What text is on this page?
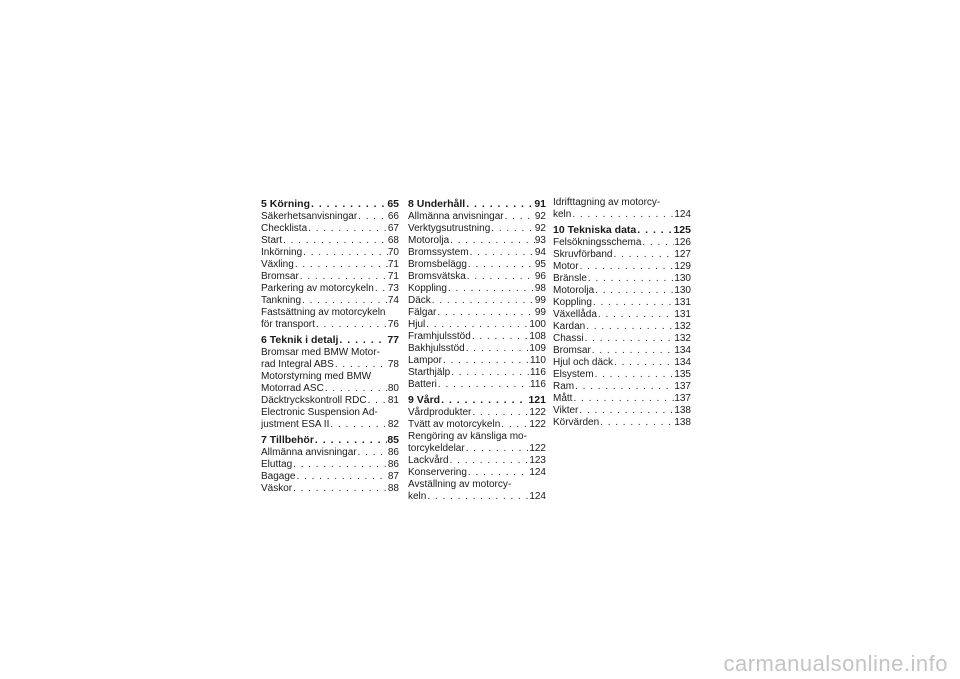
5 Körning . . .	65
Säkerhetsanvisningar . . .	66
Checklista . . .	67
Start . . .	68
Inkörning . . .	70
Växling . . .	71
Bromsar . . .	71
Parkering av motorcykeln . . . 73
Tankning . . .	74
Fastsättning av motorcykeln
för transport . . .	76
6 Teknik i detalj . . .	77
Bromsar med BMW Motor-
rad Integral ABS . . .	78
Motorstyrning med BMW
Motorrad ASC . . .	80
Däcktryckskontroll RDC . . . 81
Electronic Suspension Ad-
justment ESA II . . .	82
7 Tillbehör . . .	85
Allmänna anvisningar . . .	86
Eluttag . . .	86
Bagage . . .	87
Väskor . . .	88
8 Underhåll . . .	91
Allmänna anvisningar . . .	92
Verktygsutrustning . . .	92
Motorolja . . .	93
Bromssystem . . .	94
Bromsbelägg . . .	95
Bromsvätska . . .	96
Koppling . . .	98
Däck . . .	99
Fälgar . . .	99
Hjul . . .	100
Framhjulsstöd . . .	108
Bakhjulsstöd . . .	109
Lampor . . .	110
Starthjälp . . .	116
Batteri . . .	116
9 Vård . . .	121
Vårdprodukter . . .	122
Tvätt av motorcykeln . . .	122
Rengöring av känsliga mo-
torcykeldelar . . .	122
Lackvård . . .	123
Konservering . . .	124
Avställning av motorcy-
keln . . .	124
Idrifttagning av motorcy-
keln . . .	124
10 Tekniska data . . .	125
Felsökningsschema . . .	126
Skruvförband . . .	127
Motor . . .	129
Bränsle . . .	130
Motorolja . . .	130
Koppling . . .	131
Växellåda . . .	131
Kardan . . .	132
Chassi . . .	132
Bromsar . . .	134
Hjul och däck . . .	134
Elsystem . . .	135
Ram . . .	137
Mått . . .	137
Vikter . . .	138
Körvärden . . .	138
carmanualsonline.info
